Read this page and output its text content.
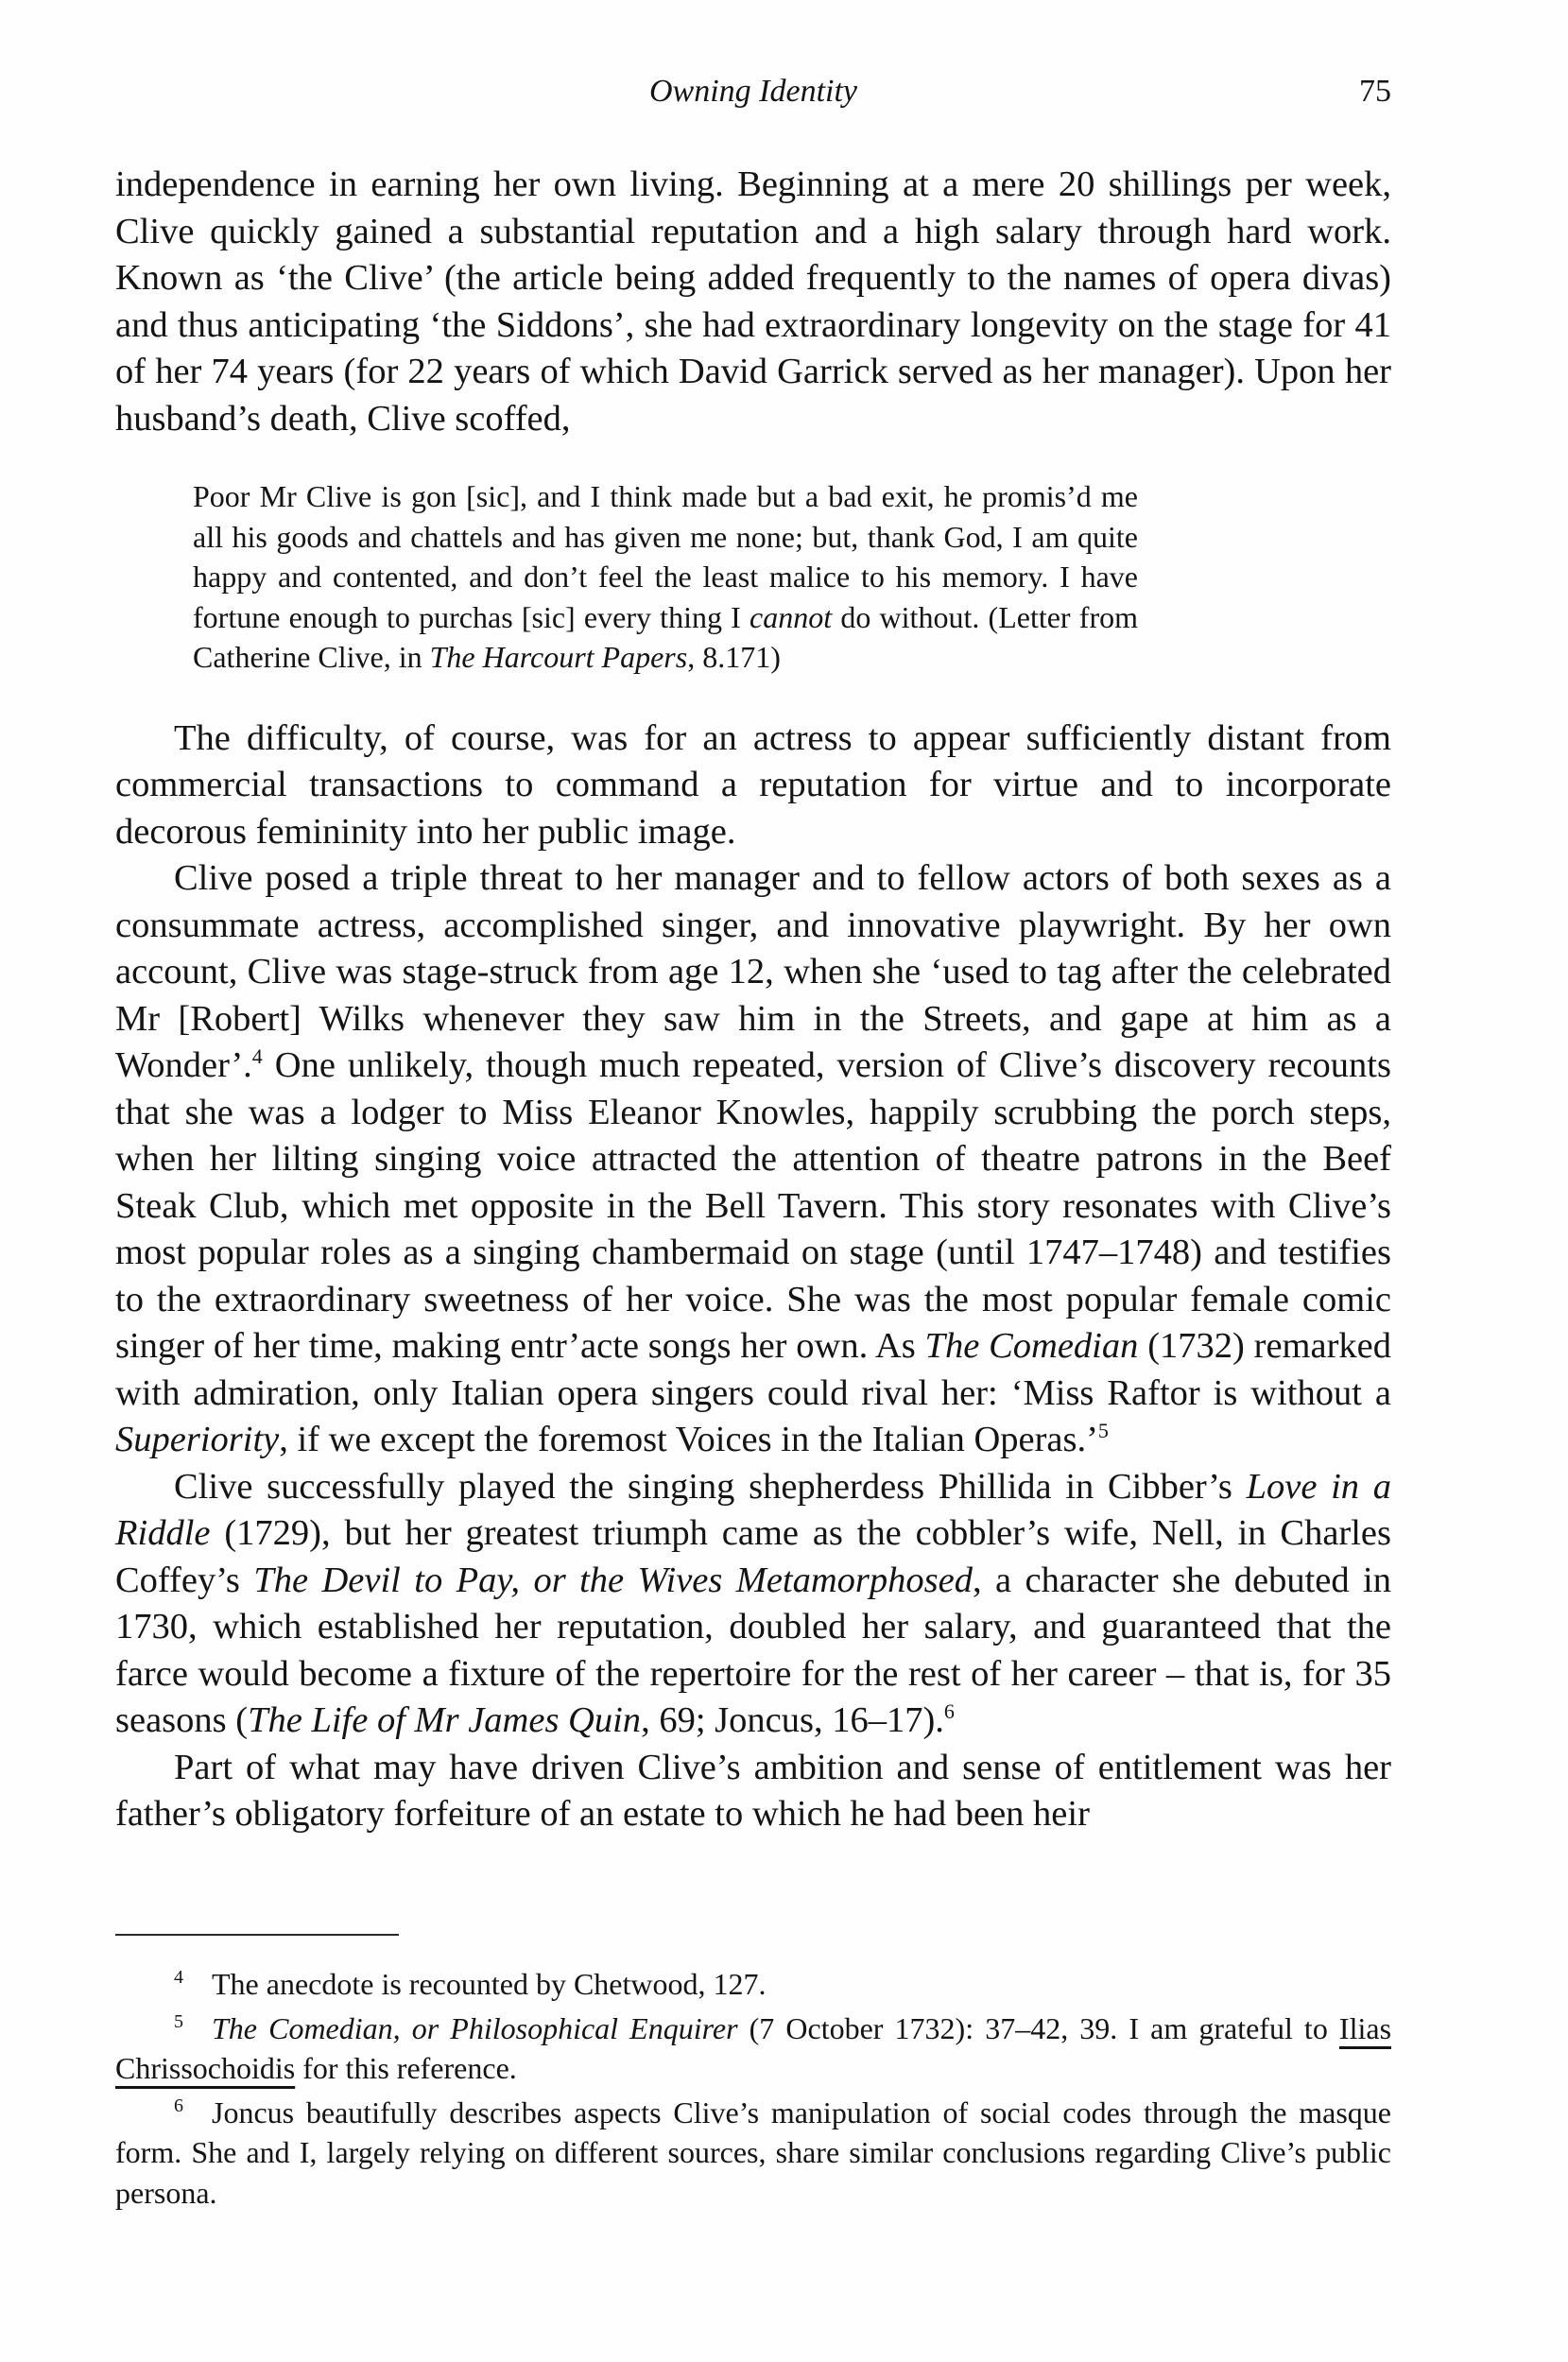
Owning Identity	75

independence in earning her own living. Beginning at a mere 20 shillings per week, Clive quickly gained a substantial reputation and a high salary through hard work. Known as ‘the Clive’ (the article being added frequently to the names of opera divas) and thus anticipating ‘the Siddons’, she had extraordinary longevity on the stage for 41 of her 74 years (for 22 years of which David Garrick served as her manager). Upon her husband’s death, Clive scoffed,

Poor Mr Clive is gon [sic], and I think made but a bad exit, he promis’d me all his goods and chattels and has given me none; but, thank God, I am quite happy and contented, and don’t feel the least malice to his memory. I have fortune enough to purchas [sic] every thing I cannot do without. (Letter from Catherine Clive, in The Harcourt Papers, 8.171)

The difficulty, of course, was for an actress to appear sufficiently distant from commercial transactions to command a reputation for virtue and to incorporate decorous femininity into her public image.

Clive posed a triple threat to her manager and to fellow actors of both sexes as a consummate actress, accomplished singer, and innovative playwright. By her own account, Clive was stage-struck from age 12, when she ‘used to tag after the celebrated Mr [Robert] Wilks whenever they saw him in the Streets, and gape at him as a Wonder’.$^4$ One unlikely, though much repeated, version of Clive’s discovery recounts that she was a lodger to Miss Eleanor Knowles, happily scrubbing the porch steps, when her lilting singing voice attracted the attention of theatre patrons in the Beef Steak Club, which met opposite in the Bell Tavern. This story resonates with Clive’s most popular roles as a singing chambermaid on stage (until 1747–1748) and testifies to the extraordinary sweetness of her voice. She was the most popular female comic singer of her time, making entr’acte songs her own. As The Comedian (1732) remarked with admiration, only Italian opera singers could rival her: ‘Miss Raftor is without a Superiority, if we except the foremost Voices in the Italian Operas.’$^5$

Clive successfully played the singing shepherdess Phillida in Cibber’s Love in a Riddle (1729), but her greatest triumph came as the cobbler’s wife, Nell, in Charles Coffey’s The Devil to Pay, or the Wives Metamorphosed, a character she debuted in 1730, which established her reputation, doubled her salary, and guaranteed that the farce would become a fixture of the repertoire for the rest of her career – that is, for 35 seasons (The Life of Mr James Quin, 69; Joncus, 16–17).$^6$

Part of what may have driven Clive’s ambition and sense of entitlement was her father’s obligatory forfeiture of an estate to which he had been heir

$^4$ The anecdote is recounted by Chetwood, 127.

$^5$ The Comedian, or Philosophical Enquirer (7 October 1732): 37–42, 39. I am grateful to Ilias Chrissochoidis for this reference.

$^6$ Joncus beautifully describes aspects Clive’s manipulation of social codes through the masque form. She and I, largely relying on different sources, share similar conclusions regarding Clive’s public persona.
